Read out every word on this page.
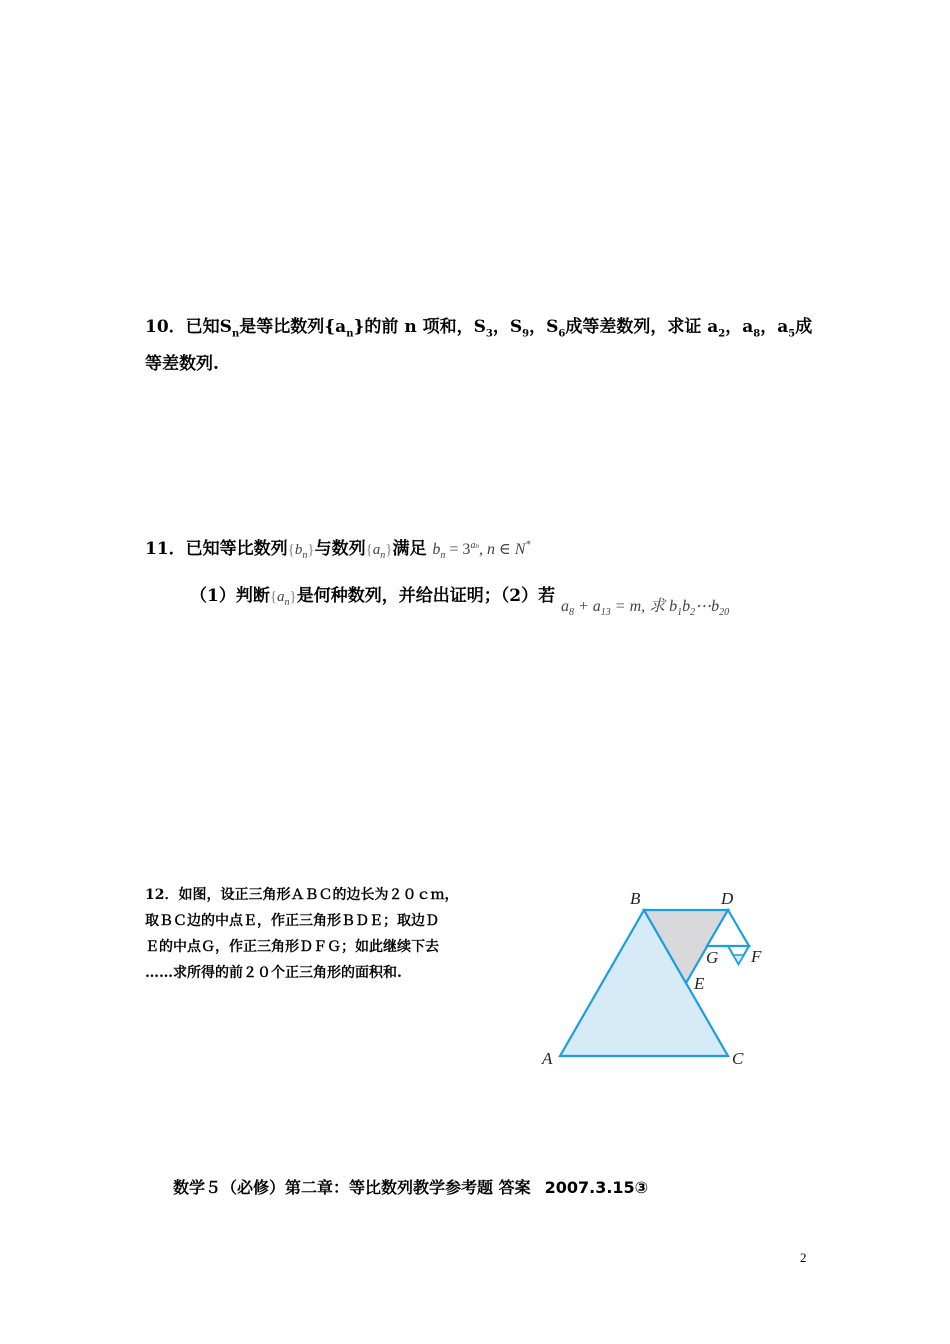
10．已知$S_n$是等比数列$\{a_n\}$的前 n 项和，$S_3$，$S_9$，$S_6$成等差数列，求证 $a_2$，$a_8$，$a_5$成等差数列.
11．已知等比数列$\{b_n\}$与数列$\{a_n\}$满足 $b_n = 3^{an}$, n ∈ N*
（1）判断$\{a_n\}$是何种数列，并给出证明；（2）若 $a_8 + a_{13} = m$, 求 $b_1b_2\cdots b_{20}$
12．如图，设正三角形ＡＢＣ的边长为２０ｃｍ，
取ＢＣ边的中点Ｅ，作正三角形ＢＤＥ；取边Ｄ
Ｅ的中点Ｇ，作正三角形ＤＦＧ；如此继续下去
……求所得的前２０个正三角形的面积和.
A
B
C
D
E
F
G
数学５（必修）第二章：等比数列教学参考题 答案 2007.3.15③
2
